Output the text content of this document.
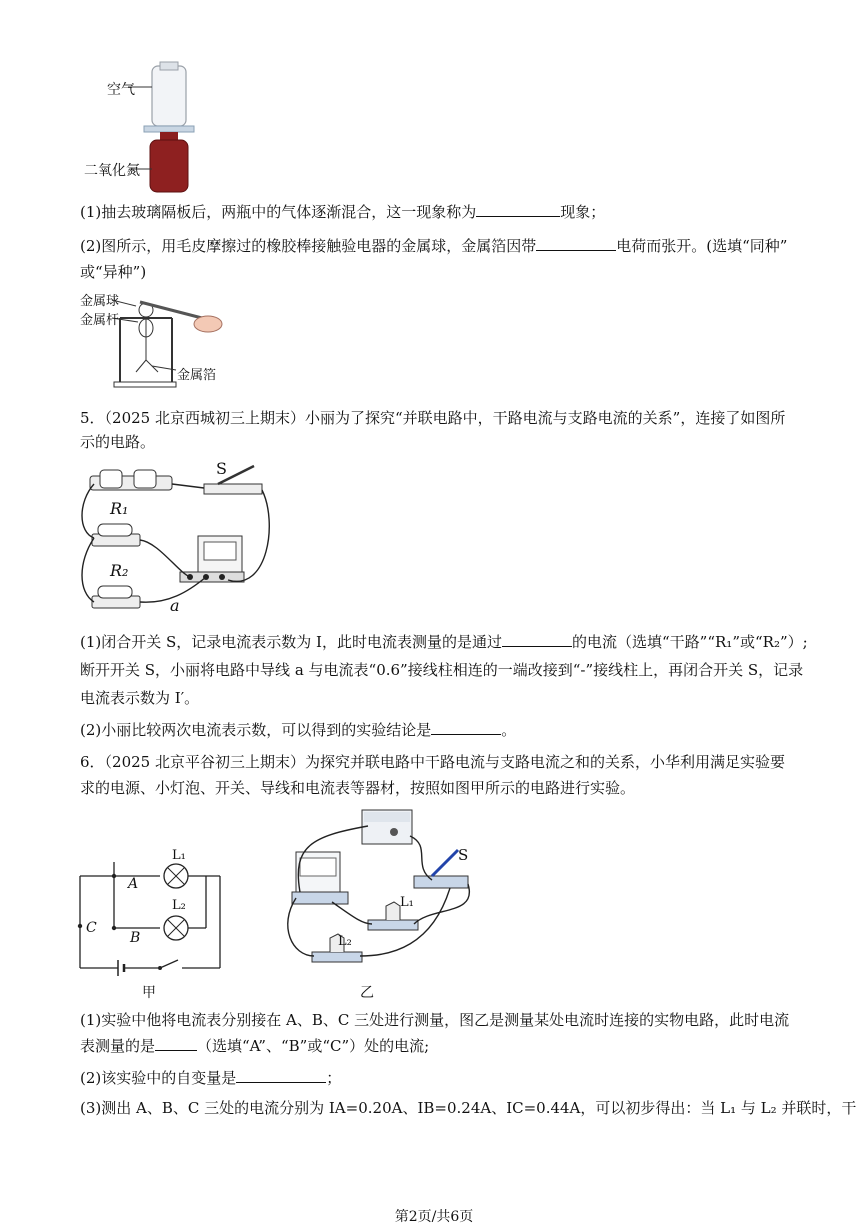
空气
二氧化氮
(1)抽去玻璃隔板后，两瓶中的气体逐渐混合，这一现象称为	现象；
(2)图所示，用毛皮摩擦过的橡胶棒接触验电器的金属球，金属箔因带	电荷而张开。(选填“同种”
或“异种”)
金属球
金属杆
金属箔
5．（2025 北京西城初三上期末）小丽为了探究“并联电路中，干路电流与支路电流的关系”，连接了如图所
示的电路。
S
R₁
R₂
a
(1)闭合开关 S，记录电流表示数为 I，此时电流表测量的是通过	的电流（选填“干路”“R₁”或“R₂”）;
断开开关 S，小丽将电路中导线 a 与电流表“0.6”接线柱相连的一端改接到“-”接线柱上，再闭合开关 S，记录
电流表示数为 I′。
(2)小丽比较两次电流表示数，可以得到的实验结论是	。
6．（2025 北京平谷初三上期末）为探究并联电路中干路电流与支路电流之和的关系，小华利用满足实验要
求的电源、小灯泡、开关、导线和电流表等器材，按照如图甲所示的电路进行实验。
L₁
L₂
A
B
C
甲
S
L₁
L₂
乙
(1)实验中他将电流表分别接在 A、B、C 三处进行测量，图乙是测量某处电流时连接的实物电路，此时电流
表测量的是	（选填“A”、“B”或“C”）处的电流;
(2)该实验中的自变量是	；
(3)测出 A、B、C 三处的电流分别为 IA=0.20A、IB=0.24A、IC=0.44A，可以初步得出：当 L₁ 与 L₂ 并联时，干
第2页/共6页
